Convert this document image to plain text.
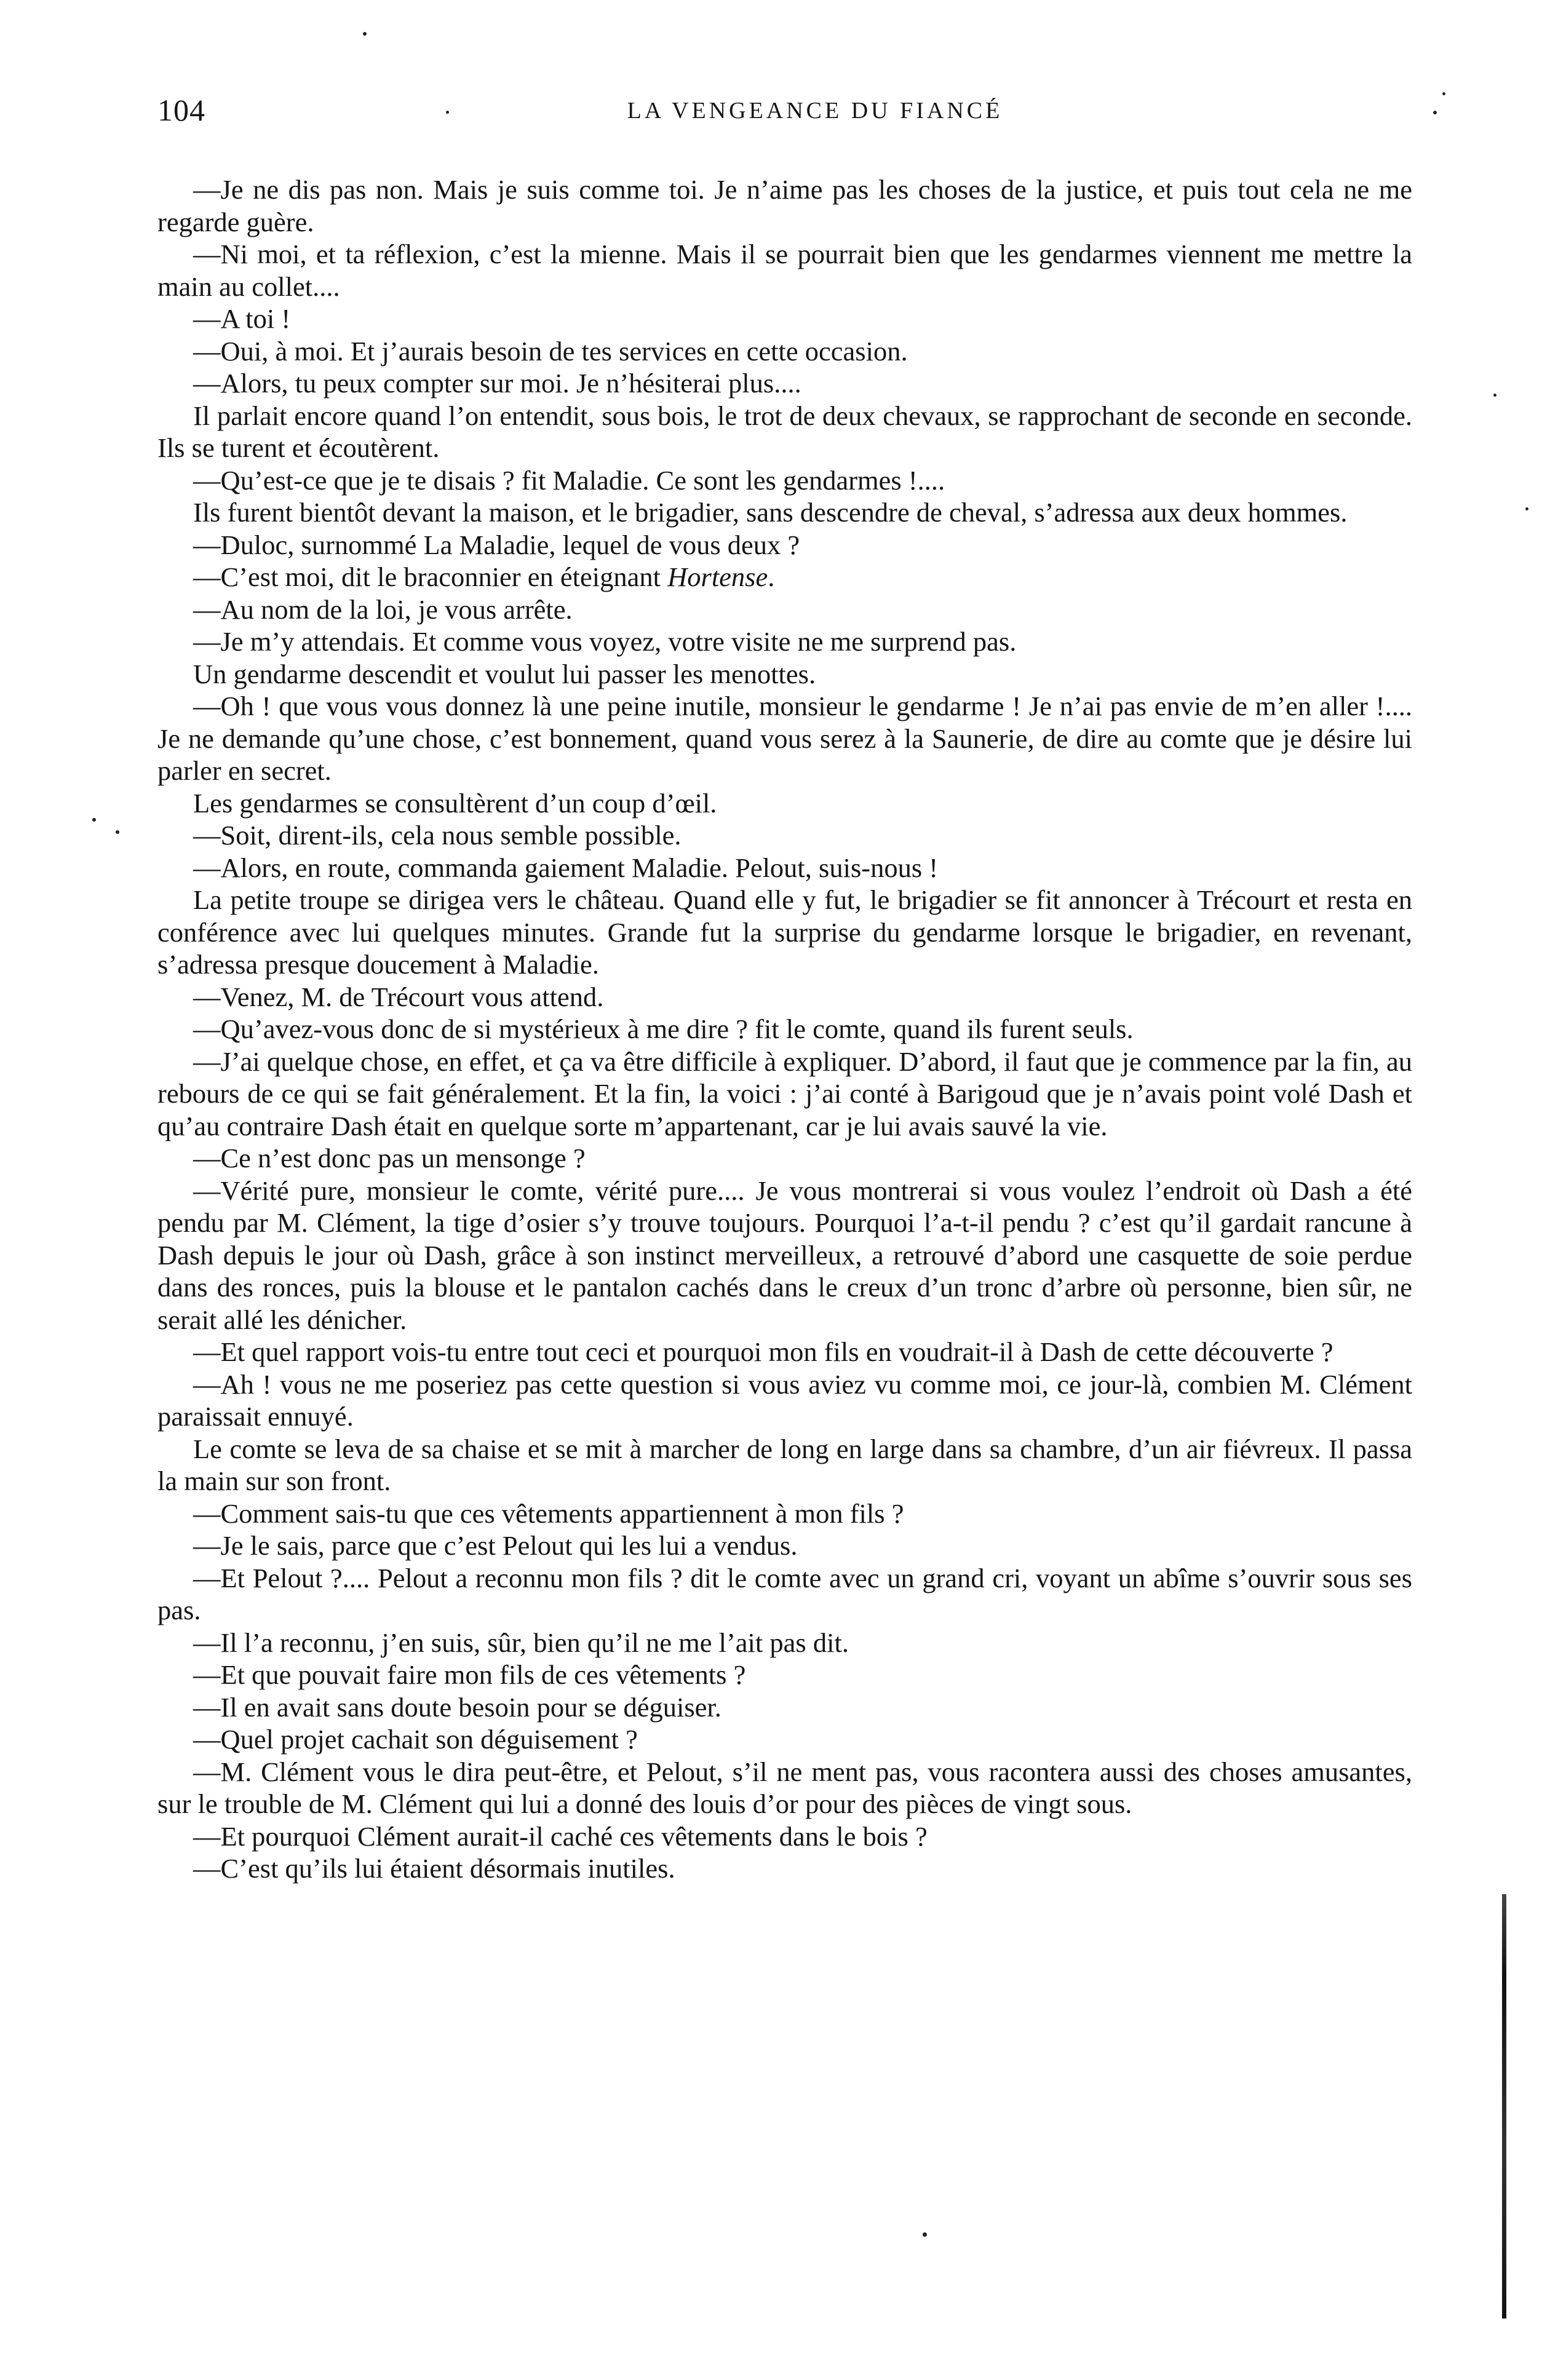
104	LA VENGEANCE DU FIANCÉ

—Je ne dis pas non. Mais je suis comme toi. Je n’aime pas les choses de la justice, et puis tout cela ne me regarde guère.

—Ni moi, et ta réflexion, c’est la mienne. Mais il se pourrait bien que les gendarmes viennent me mettre la main au collet....

—A toi !

—Oui, à moi. Et j’aurais besoin de tes services en cette occasion.

—Alors, tu peux compter sur moi. Je n’hésiterai plus....

Il parlait encore quand l’on entendit, sous bois, le trot de deux chevaux, se rapprochant de seconde en seconde. Ils se turent et écoutèrent.

—Qu’est-ce que je te disais ? fit Maladie. Ce sont les gendarmes !....

Ils furent bientôt devant la maison, et le brigadier, sans descendre de cheval, s’adressa aux deux hommes.

—Duloc, surnommé La Maladie, lequel de vous deux ?

—C’est moi, dit le braconnier en éteignant Hortense.

—Au nom de la loi, je vous arrête.

—Je m’y attendais. Et comme vous voyez, votre visite ne me surprend pas.

Un gendarme descendit et voulut lui passer les menottes.

—Oh ! que vous vous donnez là une peine inutile, monsieur le gendarme ! Je n’ai pas envie de m’en aller !.... Je ne demande qu’une chose, c’est bonnement, quand vous serez à la Saunerie, de dire au comte que je désire lui parler en secret.

Les gendarmes se consultèrent d’un coup d’œil.

—Soit, dirent-ils, cela nous semble possible.

—Alors, en route, commanda gaiement Maladie. Pelout, suis-nous !

La petite troupe se dirigea vers le château. Quand elle y fut, le brigadier se fit annoncer à Trécourt et resta en conférence avec lui quelques minutes. Grande fut la surprise du gendarme lorsque le brigadier, en revenant, s’adressa presque doucement à Maladie.

—Venez, M. de Trécourt vous attend.

—Qu’avez-vous donc de si mystérieux à me dire ? fit le comte, quand ils furent seuls.

—J’ai quelque chose, en effet, et ça va être difficile à expliquer. D’abord, il faut que je commence par la fin, au rebours de ce qui se fait généralement. Et la fin, la voici : j’ai conté à Barigoud que je n’avais point volé Dash et qu’au contraire Dash était en quelque sorte m’appartenant, car je lui avais sauvé la vie.

—Ce n’est donc pas un mensonge ?

—Vérité pure, monsieur le comte, vérité pure.... Je vous montrerai si vous voulez l’endroit où Dash a été pendu par M. Clément, la tige d’osier s’y trouve toujours. Pourquoi l’a-t-il pendu ? c’est qu’il gardait rancune à Dash depuis le jour où Dash, grâce à son instinct merveilleux, a retrouvé d’abord une casquette de soie perdue dans des ronces, puis la blouse et le pantalon cachés dans le creux d’un tronc d’arbre où personne, bien sûr, ne serait allé les dénicher.

—Et quel rapport vois-tu entre tout ceci et pourquoi mon fils en voudrait-il à Dash de cette découverte ?

—Ah ! vous ne me poseriez pas cette question si vous aviez vu comme moi, ce jour-là, combien M. Clément paraissait ennuyé.

Le comte se leva de sa chaise et se mit à marcher de long en large dans sa chambre, d’un air fiévreux. Il passa la main sur son front.

—Comment sais-tu que ces vêtements appartiennent à mon fils ?

—Je le sais, parce que c’est Pelout qui les lui a vendus.

—Et Pelout ?.... Pelout a reconnu mon fils ? dit le comte avec un grand cri, voyant un abîme s’ouvrir sous ses pas.

—Il l’a reconnu, j’en suis, sûr, bien qu’il ne me l’ait pas dit.

—Et que pouvait faire mon fils de ces vêtements ?

—Il en avait sans doute besoin pour se déguiser.

—Quel projet cachait son déguisement ?

—M. Clément vous le dira peut-être, et Pelout, s’il ne ment pas, vous racontera aussi des choses amusantes, sur le trouble de M. Clément qui lui a donné des louis d’or pour des pièces de vingt sous.

—Et pourquoi Clément aurait-il caché ces vêtements dans le bois ?

—C’est qu’ils lui étaient désormais inutiles.
